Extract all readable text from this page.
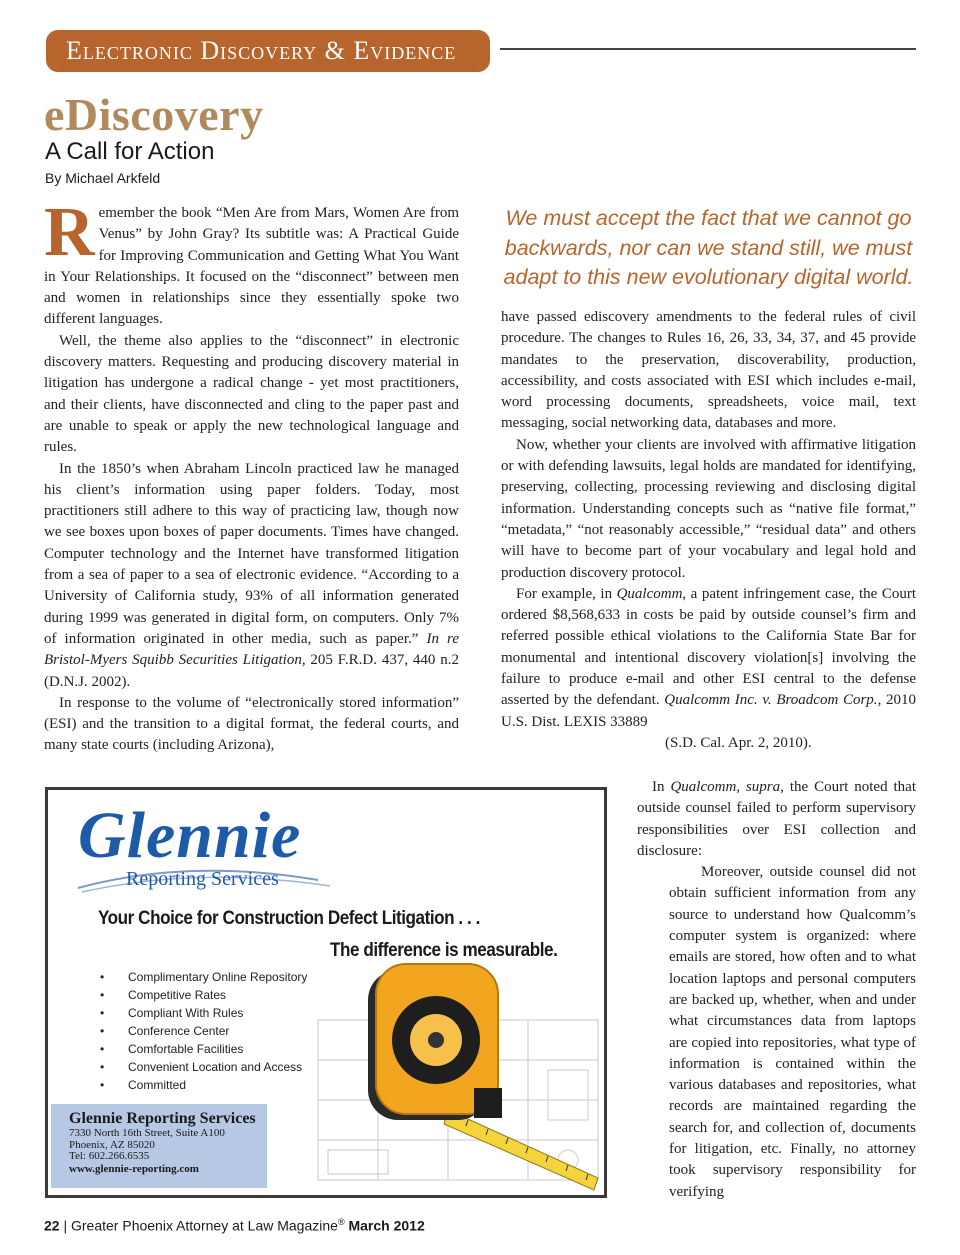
Electronic Discovery & Evidence
eDiscovery
A Call for Action
By Michael Arkfeld

Remember the book “Men Are from Mars, Women Are from Venus” by John Gray? Its subtitle was: A Practical Guide for Improving Communication and Getting What You Want in Your Relationships. It focused on the “disconnect” between men and women in relationships since they essentially spoke two different languages.

Well, the theme also applies to the “disconnect” in electronic discovery matters. Requesting and producing discovery material in litigation has undergone a radical change - yet most practitioners, and their clients, have disconnected and cling to the paper past and are unable to speak or apply the new technological language and rules.

In the 1850’s when Abraham Lincoln practiced law he managed his client’s information using paper folders. Today, most practitioners still adhere to this way of practicing law, though now we see boxes upon boxes of paper documents. Times have changed. Computer technology and the Internet have transformed litigation from a sea of paper to a sea of electronic evidence. “According to a University of California study, 93% of all information generated during 1999 was generated in digital form, on computers. Only 7% of information originated in other media, such as paper.” In re Bristol-Myers Squibb Securities Litigation, 205 F.R.D. 437, 440 n.2 (D.N.J. 2002).

In response to the volume of “electronically stored information” (ESI) and the transition to a digital format, the federal courts, and many state courts (including Arizona),

We must accept the fact that we cannot go backwards, nor can we stand still, we must adapt to this new evolutionary digital world.

have passed ediscovery amendments to the federal rules of civil procedure. The changes to Rules 16, 26, 33, 34, 37, and 45 provide mandates to the preservation, discoverability, production, accessibility, and costs associated with ESI which includes e-mail, word processing documents, spreadsheets, voice mail, text messaging, social networking data, databases and more.

Now, whether your clients are involved with affirmative litigation or with defending lawsuits, legal holds are mandated for identifying, preserving, collecting, processing reviewing and disclosing digital information. Understanding concepts such as “native file format,” “metadata,” “not reasonably accessible,” “residual data” and others will have to become part of your vocabulary and legal hold and production discovery protocol.

For example, in Qualcomm, a patent infringement case, the Court ordered $8,568,633 in costs be paid by outside counsel’s firm and referred possible ethical violations to the California State Bar for monumental and intentional discovery violation[s] involving the failure to produce e-mail and other ESI central to the defense asserted by the defendant. Qualcomm Inc. v. Broadcom Corp., 2010 U.S. Dist. LEXIS 33889

(S.D. Cal. Apr. 2, 2010).

In Qualcomm, supra, the Court noted that outside counsel failed to perform supervisory responsibilities over ESI collection and disclosure:

Moreover, outside counsel did not obtain sufficient information from any source to understand how Qualcomm’s computer system is organized: where emails are stored, how often and to what location laptops and personal computers are backed up, whether, when and under what circumstances data from laptops are copied into repositories, what type of information is contained within the various databases and repositories, what records are maintained regarding the search for, and collection of, documents for litigation, etc. Finally, no attorney took supervisory responsibility for verifying

Glennie
Reporting Services
Your Choice for Construction Defect Litigation . . .
The difference is measurable.
• Complimentary Online Repository
• Competitive Rates
• Compliant With Rules
• Conference Center
• Comfortable Facilities
• Convenient Location and Access
• Committed
Glennie Reporting Services
7330 North 16th Street, Suite A100
Phoenix, AZ 85020
Tel: 602.266.6535
www.glennie-reporting.com
22 | Greater Phoenix Attorney at Law Magazine® March 2012
